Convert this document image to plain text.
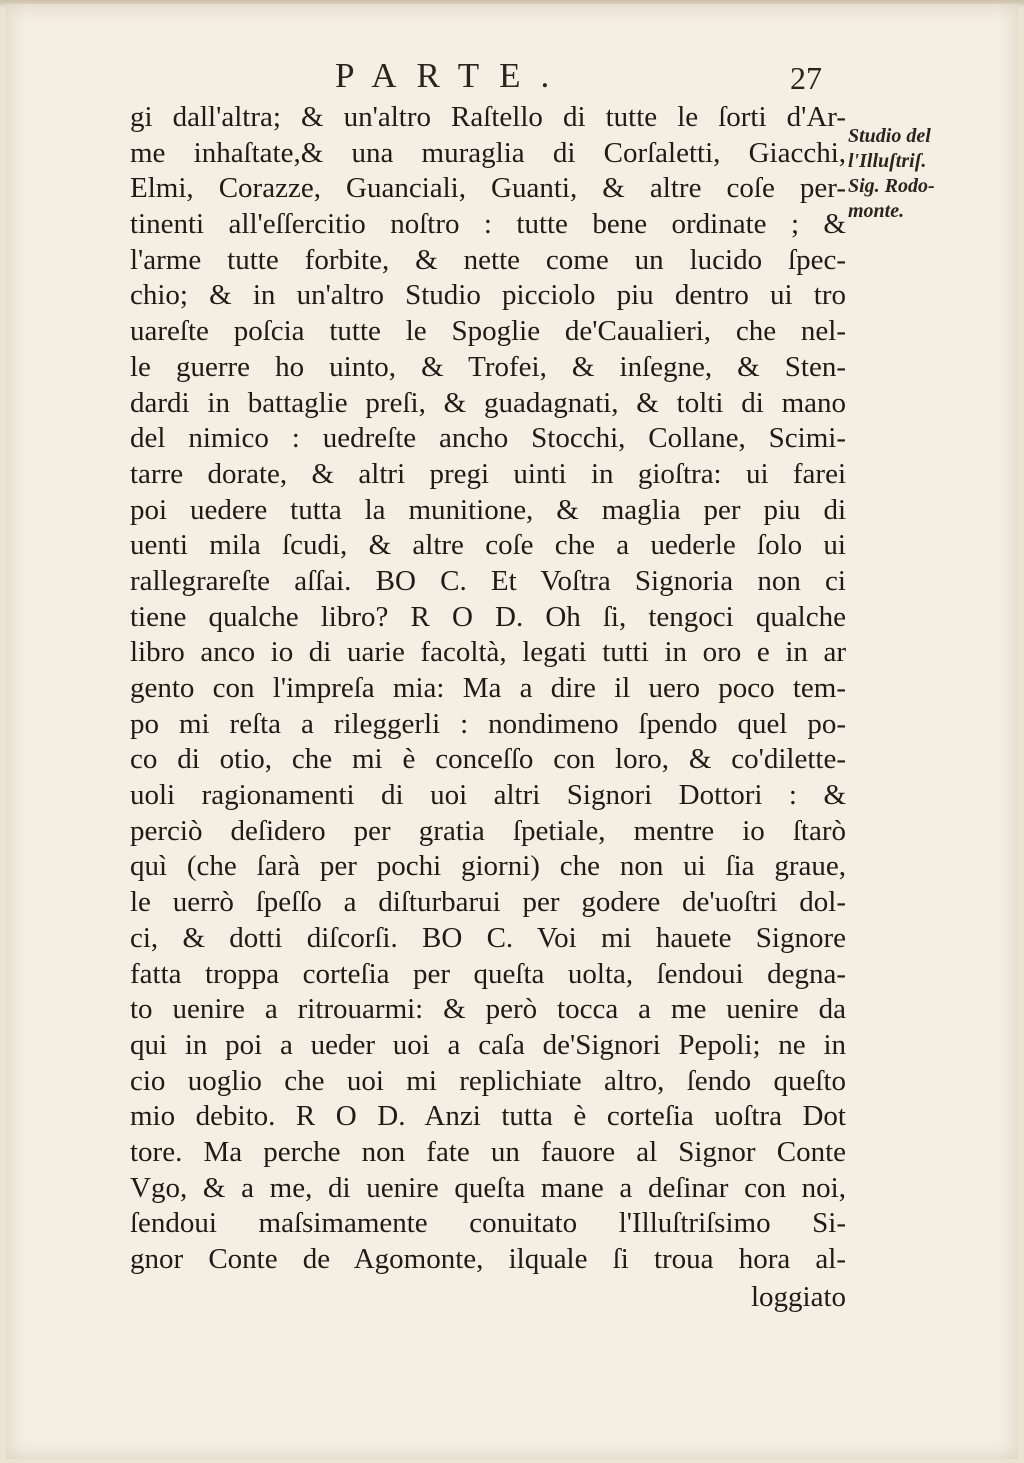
PARTE.	27
gi dall'altra; & un'altro Raſtello di tutte le ſorti d'Ar-
me inhaſtate,& una muraglia di Corſaletti, Giacchi,
Elmi, Corazze, Guanciali, Guanti, & altre coſe per-
tinenti all'eſſercitio noſtro : tutte bene ordinate ; &
l'arme tutte forbite, & nette come un lucido ſpec-
chio; & in un'altro Studio picciolo piu dentro ui tro
uareſte poſcia tutte le Spoglie de'Caualieri, che nel-
le guerre ho uinto, & Trofei, & inſegne, & Sten-
dardi in battaglie preſi, & guadagnati, & tolti di mano
del nimico : uedreſte ancho Stocchi, Collane, Scimi-
tarre dorate, & altri pregi uinti in gioſtra: ui farei
poi uedere tutta la munitione, & maglia per piu di
uenti mila ſcudi, & altre coſe che a uederle ſolo ui
rallegrareſte aſſai. BO C. Et Voſtra Signoria non ci
tiene qualche libro? R O D. Oh ſi, tengoci qualche
libro anco io di uarie facoltà, legati tutti in oro e in ar
gento con l'impreſa mia: Ma a dire il uero poco tem-
po mi reſta a rileggerli : nondimeno ſpendo quel po-
co di otio, che mi è conceſſo con loro, & co'dilette-
uoli ragionamenti di uoi altri Signori Dottori : &
perciò deſidero per gratia ſpetiale, mentre io ſtarò
quì (che ſarà per pochi giorni) che non ui ſia graue,
le uerrò ſpeſſo a diſturbarui per godere de'uoſtri dol-
ci, & dotti diſcorſi. BO C. Voi mi hauete Signore
fatta troppa corteſia per queſta uolta, ſendoui degna-
to uenire a ritrouarmi: & però tocca a me uenire da
qui in poi a ueder uoi a caſa de'Signori Pepoli; ne in
cio uoglio che uoi mi replichiate altro, ſendo queſto
mio debito. R O D. Anzi tutta è corteſia uoſtra Dot
tore. Ma perche non fate un fauore al Signor Conte
Vgo, & a me, di uenire queſta mane a deſinar con noi,
ſendoui maſsimamente conuitato l'Illuſtriſsimo Si-
gnor Conte de Agomonte, ilquale ſi troua hora al-
Studio del
l'Illuſtriſ.
Sig. Rodo-
monte.
loggiato
